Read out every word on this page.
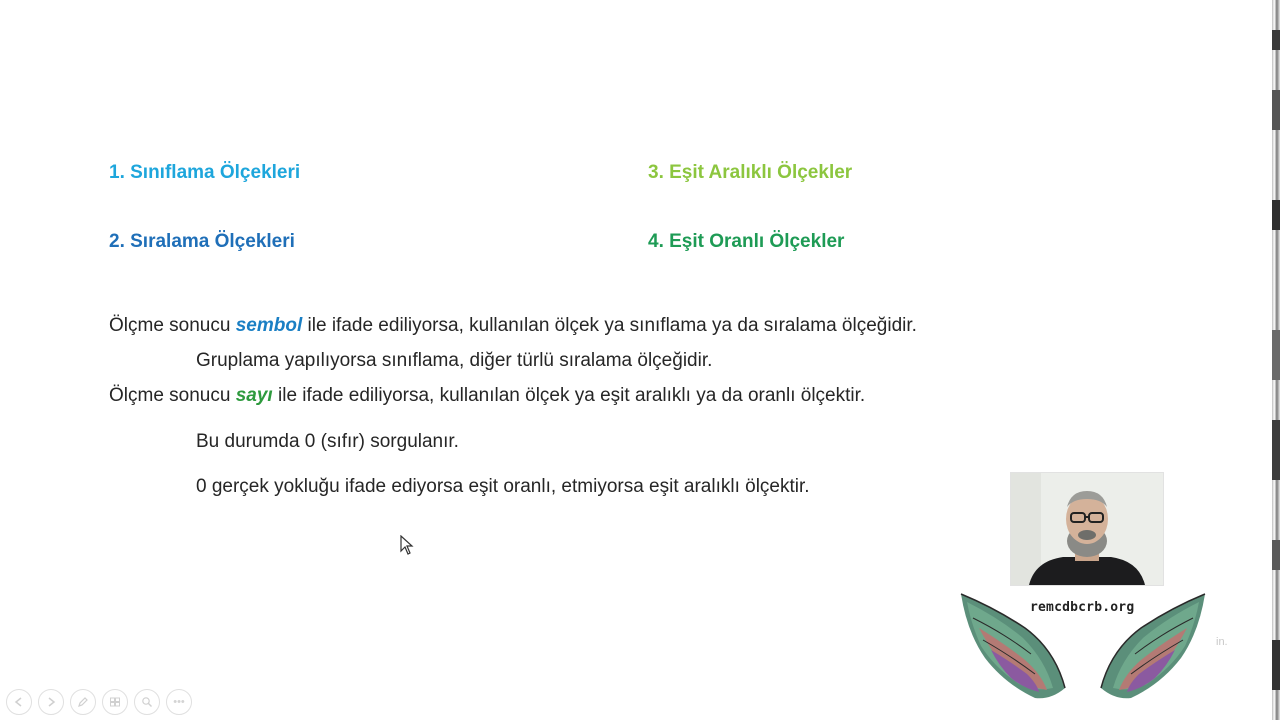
1. Sınıflama Ölçekleri
2. Sıralama Ölçekleri
3. Eşit Aralıklı Ölçekler
4. Eşit Oranlı Ölçekler
Ölçme sonucu sembol ile ifade ediliyorsa, kullanılan ölçek ya sınıflama ya da sıralama ölçeğidir.
Gruplama yapılıyorsa sınıflama, diğer türlü sıralama ölçeğidir.
Ölçme sonucu sayı ile ifade ediliyorsa, kullanılan ölçek ya eşit aralıklı ya da oranlı ölçektir.
Bu durumda 0 (sıfır) sorgulanır.
0 gerçek yokluğu ifade ediyorsa eşit oranlı, etmiyorsa eşit aralıklı ölçektir.
remcdbcrb.org
in.
•••
